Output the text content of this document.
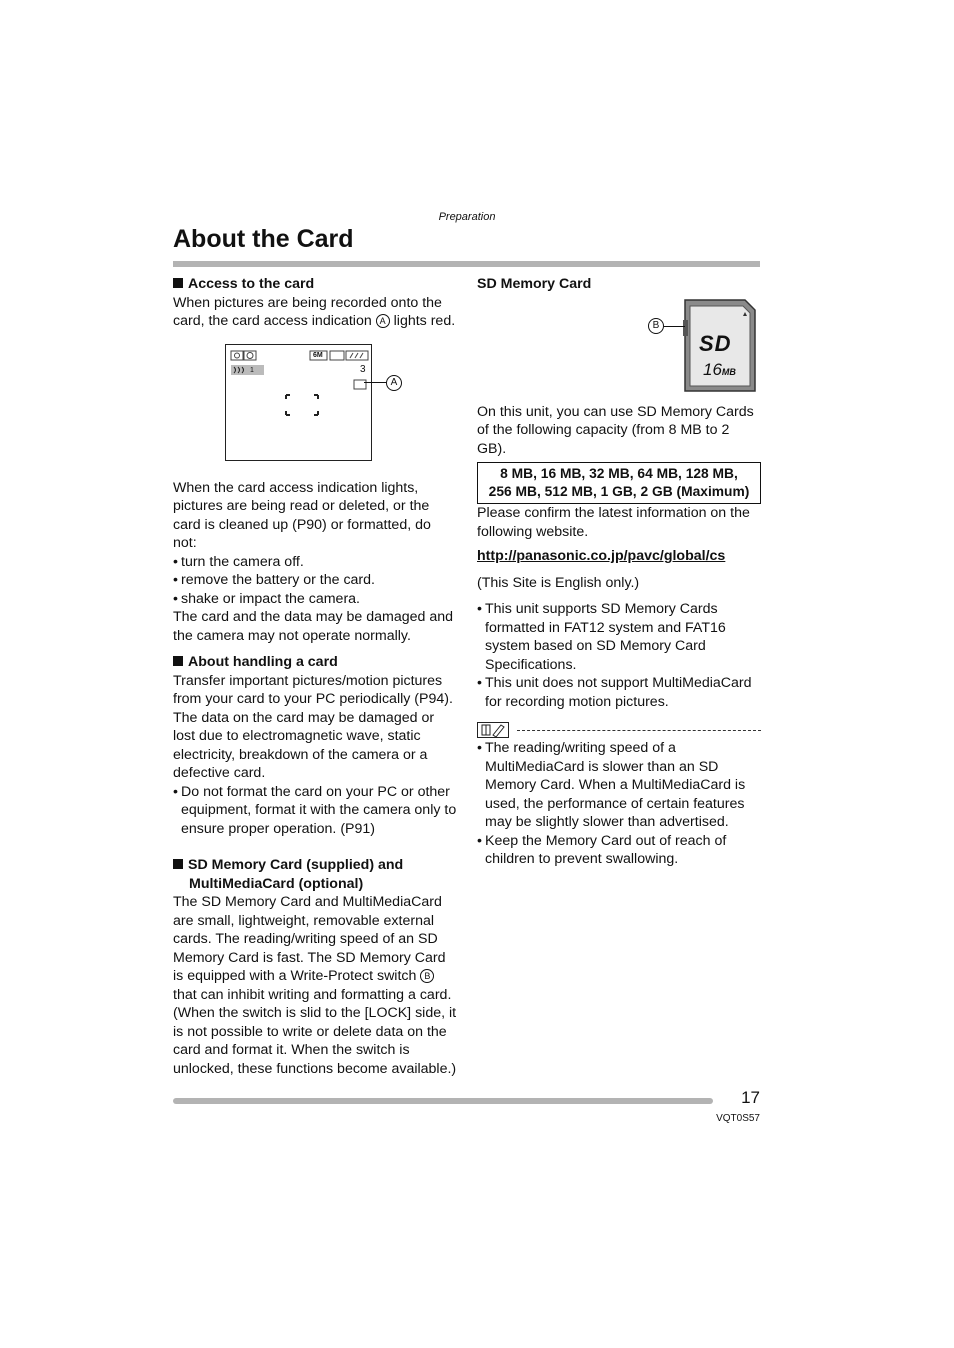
Preparation
About the Card

Access to the card

When pictures are being recorded onto the card, the card access indication A lights red.

When the card access indication lights, pictures are being read or deleted, or the card is cleaned up (P90) or formatted, do not:

• turn the camera off.
• remove the battery or the card.
• shake or impact the camera.

The card and the data may be damaged and the camera may not operate normally.

About handling a card

Transfer important pictures/motion pictures from your card to your PC periodically (P94). The data on the card may be damaged or lost due to electromagnetic wave, static electricity, breakdown of the camera or a defective card.

• Do not format the card on your PC or other equipment, format it with the camera only to ensure proper operation. (P91)

SD Memory Card (supplied) and MultiMediaCard (optional)

The SD Memory Card and MultiMediaCard are small, lightweight, removable external cards. The reading/writing speed of an SD Memory Card is fast. The SD Memory Card is equipped with a Write-Protect switch B that can inhibit writing and formatting a card. (When the switch is slid to the [LOCK] side, it is not possible to write or delete data on the card and format it. When the switch is unlocked, these functions become available.)

6M
1	3
A

SD Memory Card

On this unit, you can use SD Memory Cards of the following capacity (from 8 MB to 2 GB).

8 MB, 16 MB, 32 MB, 64 MB, 128 MB,
256 MB, 512 MB, 1 GB, 2 GB (Maximum)

Please confirm the latest information on the following website.

http://panasonic.co.jp/pavc/global/cs

(This Site is English only.)

• This unit supports SD Memory Cards formatted in FAT12 system and FAT16 system based on SD Memory Card Specifications.
• This unit does not support MultiMediaCard for recording motion pictures.
• The reading/writing speed of a MultiMediaCard is slower than an SD Memory Card. When a MultiMediaCard is used, the performance of certain features may be slightly slower than advertised.
• Keep the Memory Card out of reach of children to prevent swallowing.
SD
16MB
B
17
VQT0S57
